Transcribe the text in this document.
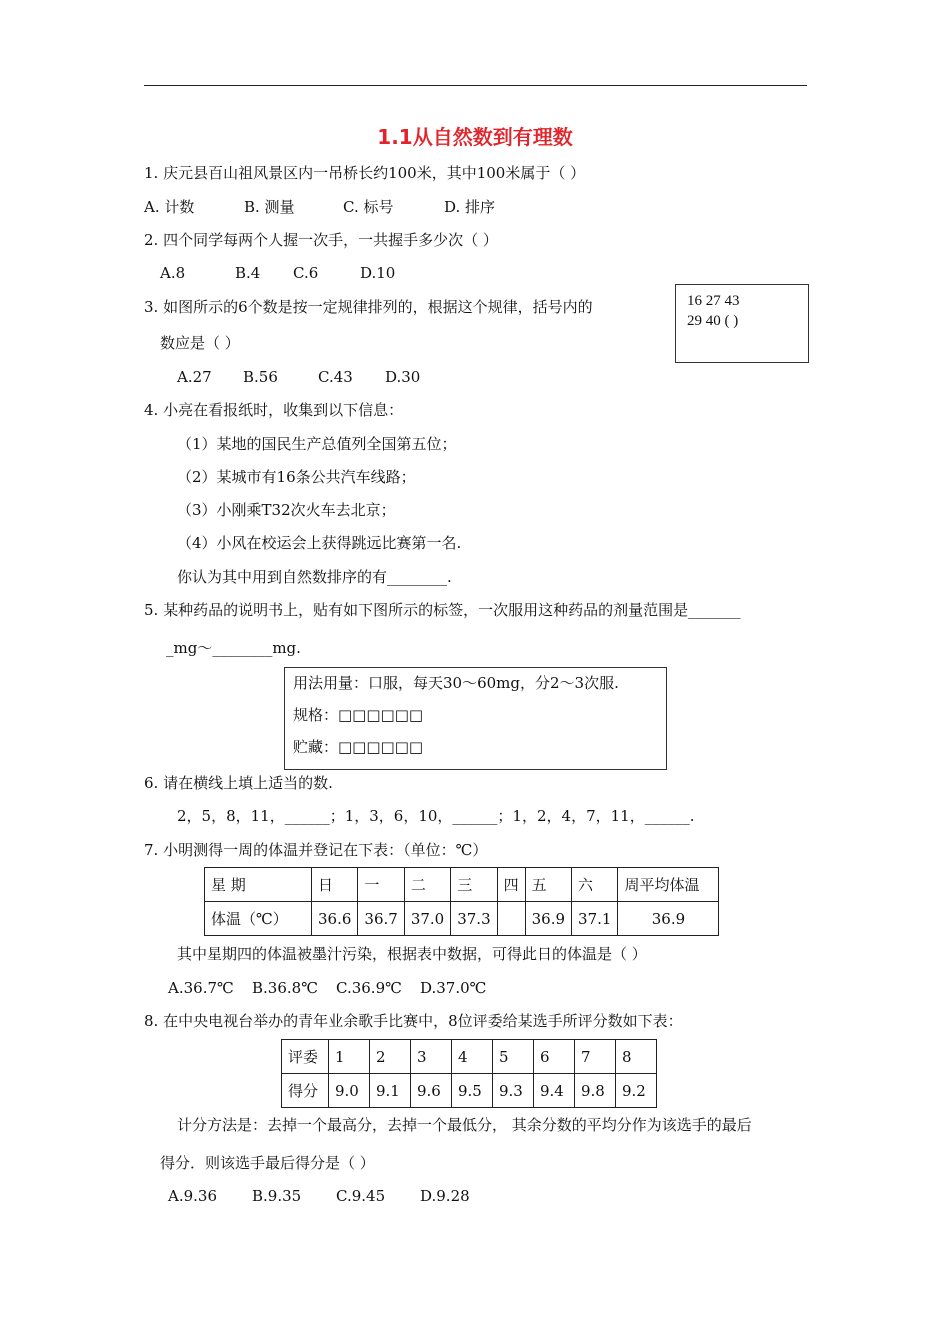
1.1从自然数到有理数
1. 庆元县百山祖风景区内一吊桥长约100米，其中100米属于（ ）
A. 计数	B. 测量	C. 标号	D. 排序
2. 四个同学每两个人握一次手，一共握手多少次（ ）
A.8	B.4 C.6	D.10
3. 如图所示的6个数是按一定规律排列的，根据这个规律，括号内的
数应是（ ）
16 27 43
29 40 ( )
A.27 B.56	C.43 D.30
4. 小亮在看报纸时，收集到以下信息：
（1）某地的国民生产总值列全国第五位；
（2）某城市有16条公共汽车线路；
（3）小刚乘T32次火车去北京；
（4）小风在校运会上获得跳远比赛第一名.
你认为其中用到自然数排序的有________.
5. 某种药品的说明书上，贴有如下图所示的标签，一次服用这种药品的剂量范围是_______
_mg～________mg.
用法用量：口服，每天30～60mg，分2～3次服.
规格：□□□□□□
贮藏：□□□□□□
6. 请在横线上填上适当的数.
2，5，8，11，______；1，3，6，10，______；1，2，4，7，11，______.
7. 小明测得一周的体温并登记在下表：（单位：℃）
星 期	日	一	二	三	四	五	六	周平均体温
体温（℃）	36.6	36.7	37.0	37.3		36.9	37.1	36.9
其中星期四的体温被墨汁污染，根据表中数据，可得此日的体温是（ ）
A.36.7℃ B.36.8℃ C.36.9℃ D.37.0℃
8. 在中央电视台举办的青年业余歌手比赛中，8位评委给某选手所评分数如下表：
评委	1	2	3	4	5	6	7	8
得分	9.0	9.1	9.6	9.5	9.3	9.4	9.8	9.2
计分方法是：去掉一个最高分，去掉一个最低分， 其余分数的平均分作为该选手的最后
得分．则该选手最后得分是（ ）
A.9.36 B.9.35 C.9.45 D.9.28
